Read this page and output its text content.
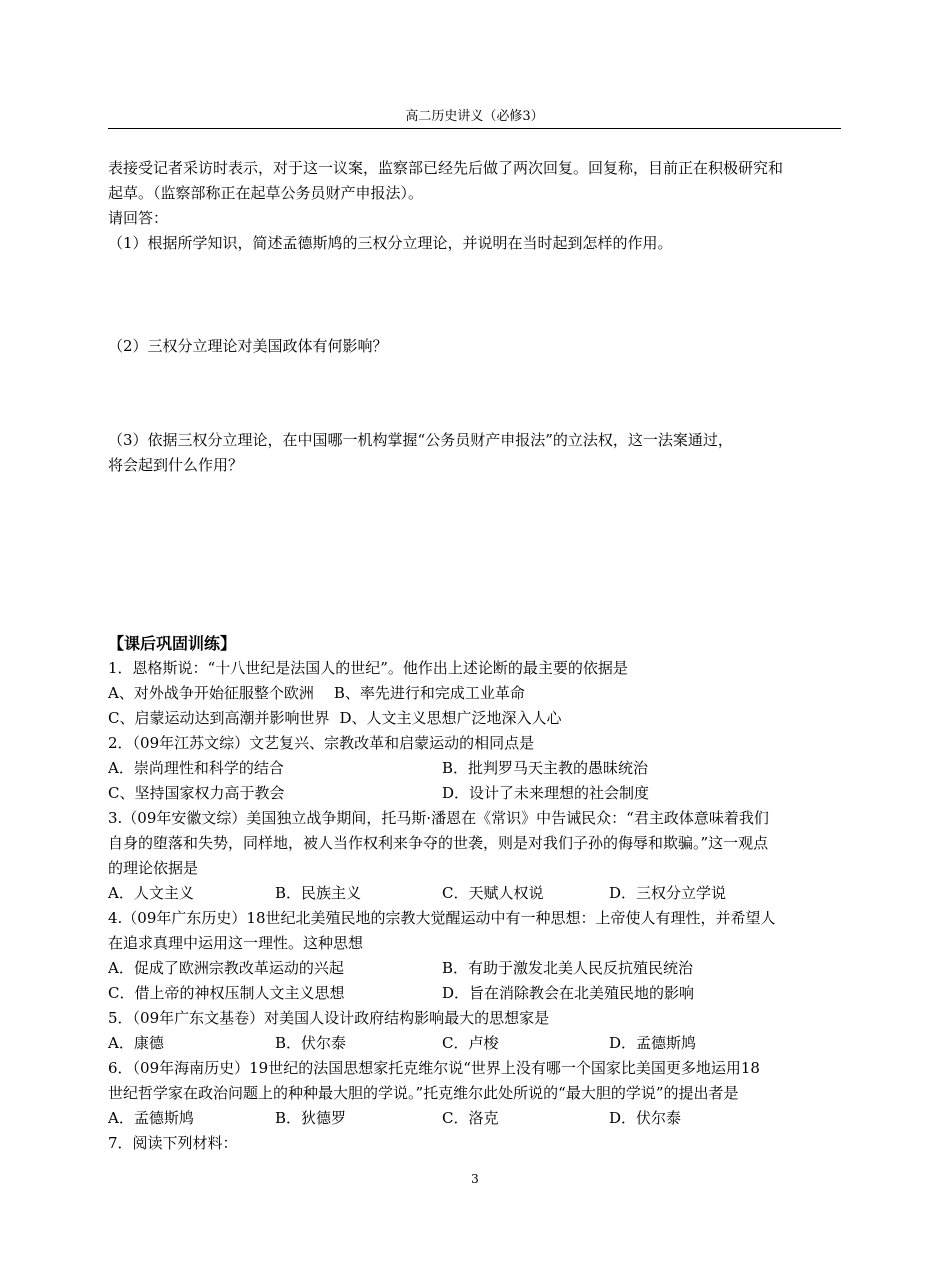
高二历史讲义（必修3）

表接受记者采访时表示，对于这一议案，监察部已经先后做了两次回复。回复称，目前正在积极研究和

起草。（监察部称正在起草公务员财产申报法）。

请回答：

（1）根据所学知识，简述孟德斯鸠的三权分立理论，并说明在当时起到怎样的作用。

（2）三权分立理论对美国政体有何影响？

（3）依据三权分立理论，在中国哪一机构掌握“公务员财产申报法”的立法权，这一法案通过，

将会起到什么作用？

【课后巩固训练】

1．恩格斯说：“十八世纪是法国人的世纪”。他作出上述论断的最主要的依据是

A、对外战争开始征服整个欧洲 B、率先进行和完成工业革命
C、启蒙运动达到高潮并影响世界 D、人文主义思想广泛地深入人心

2．（09年江苏文综）文艺复兴、宗教改革和启蒙运动的相同点是

A．崇尚理性和科学的结合	B．批判罗马天主教的愚昧统治
C、坚持国家权力高于教会	D．设计了未来理想的社会制度

3.（09年安徽文综）美国独立战争期间，托马斯·潘恩在《常识》中告诫民众：“君主政体意味着我们

自身的堕落和失势，同样地，被人当作权利来争夺的世袭，则是对我们子孙的侮辱和欺骗。”这一观点

的理论依据是

A．人文主义	B．民族主义	C．天赋人权说	D．三权分立学说

4.（09年广东历史）18世纪北美殖民地的宗教大觉醒运动中有一种思想：上帝使人有理性，并希望人

在追求真理中运用这一理性。这种思想

A．促成了欧洲宗教改革运动的兴起	B．有助于激发北美人民反抗殖民统治
C．借上帝的神权压制人文主义思想	D．旨在消除教会在北美殖民地的影响

5．（09年广东文基卷）对美国人设计政府结构影响最大的思想家是

A．康德	B．伏尔泰	C．卢梭	D．孟德斯鸠

6．（09年海南历史）19世纪的法国思想家托克维尔说“世界上没有哪一个国家比美国更多地运用18

世纪哲学家在政治问题上的种种最大胆的学说。”托克维尔此处所说的“最大胆的学说”的提出者是

A．孟德斯鸠	B．狄德罗	C．洛克	D．伏尔泰

7．阅读下列材料：

3
